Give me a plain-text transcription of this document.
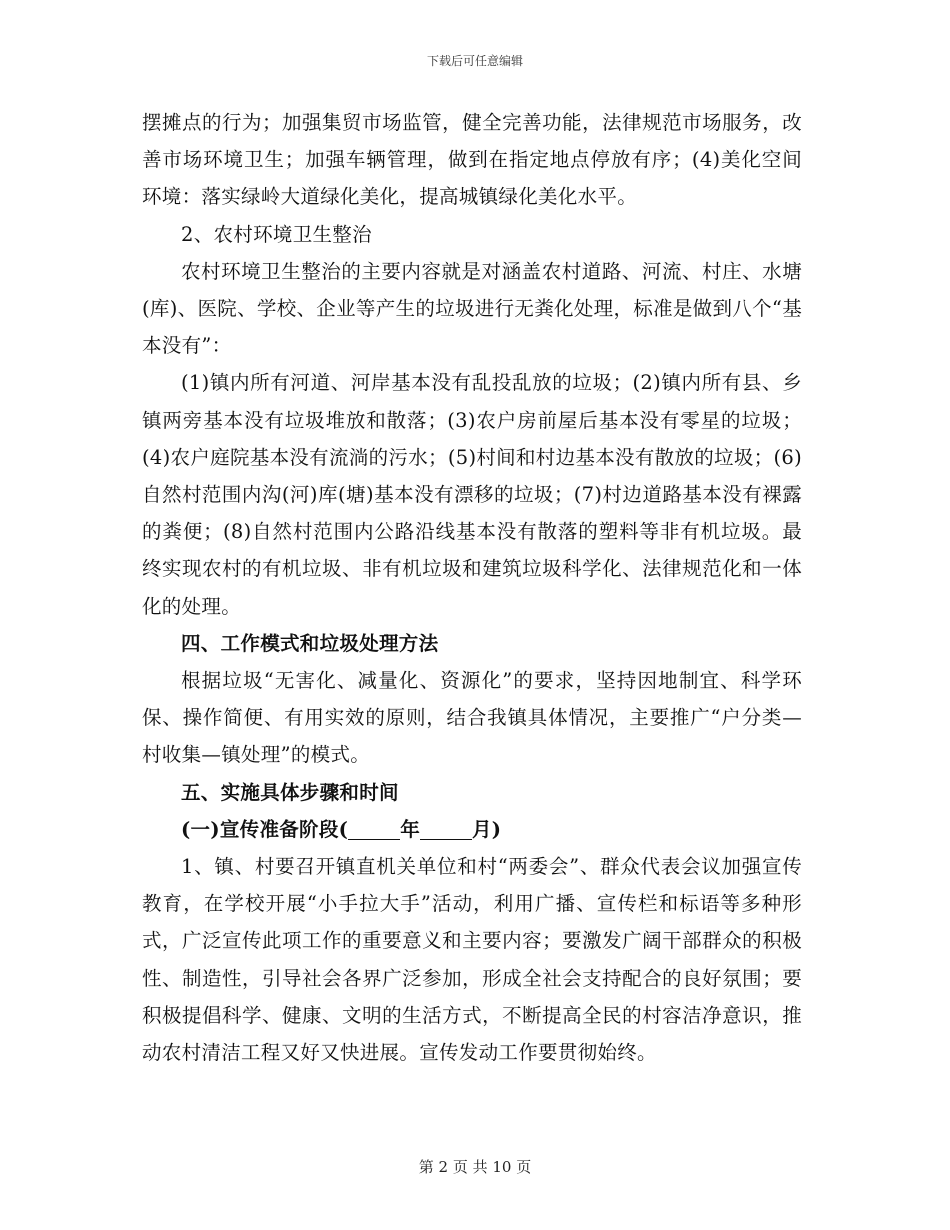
下载后可任意编辑

摆摊点的行为；加强集贸市场监管，健全完善功能，法律规范市场服务，改善市场环境卫生；加强车辆管理，做到在指定地点停放有序；(4)美化空间环境：落实绿岭大道绿化美化，提高城镇绿化美化水平。

2、农村环境卫生整治

农村环境卫生整治的主要内容就是对涵盖农村道路、河流、村庄、水塘(库)、医院、学校、企业等产生的垃圾进行无粪化处理，标准是做到八个“基本没有”：

(1)镇内所有河道、河岸基本没有乱投乱放的垃圾；(2)镇内所有县、乡镇两旁基本没有垃圾堆放和散落；(3)农户房前屋后基本没有零星的垃圾；(4)农户庭院基本没有流淌的污水；(5)村间和村边基本没有散放的垃圾；(6)自然村范围内沟(河)库(塘)基本没有漂移的垃圾；(7)村边道路基本没有裸露的粪便；(8)自然村范围内公路沿线基本没有散落的塑料等非有机垃圾。最终实现农村的有机垃圾、非有机垃圾和建筑垃圾科学化、法律规范化和一体化的处理。

四、工作模式和垃圾处理方法

根据垃圾“无害化、减量化、资源化”的要求，坚持因地制宜、科学环保、操作简便、有用实效的原则，结合我镇具体情况，主要推广“户分类—村收集—镇处理”的模式。

五、实施具体步骤和时间

(一)宣传准备阶段(	年	月)

1、镇、村要召开镇直机关单位和村“两委会”、群众代表会议加强宣传教育，在学校开展“小手拉大手”活动，利用广播、宣传栏和标语等多种形式，广泛宣传此项工作的重要意义和主要内容；要激发广阔干部群众的积极性、制造性，引导社会各界广泛参加，形成全社会支持配合的良好氛围；要积极提倡科学、健康、文明的生活方式，不断提高全民的村容洁净意识，推动农村清洁工程又好又快进展。宣传发动工作要贯彻始终。

第 2 页 共 10 页
